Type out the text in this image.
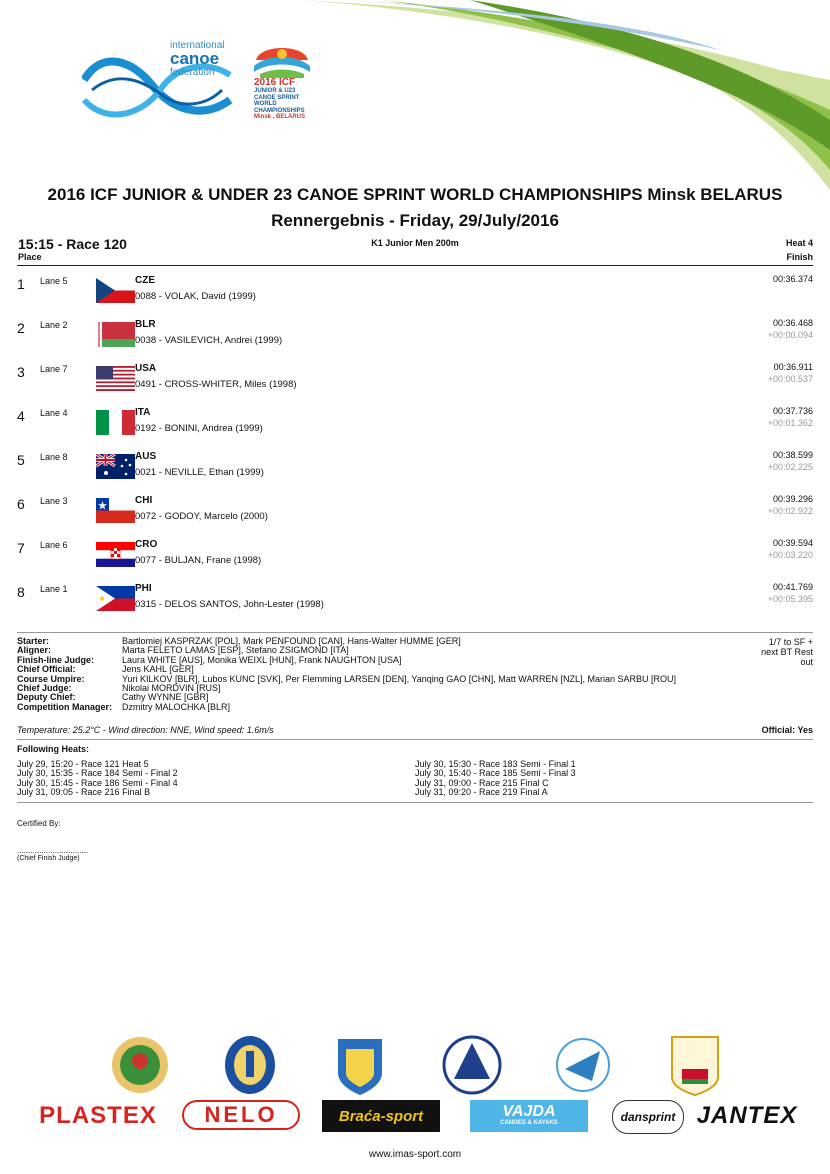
international
canoe
federation
2016 ICF
JUNIOR & U23
CANOE SPRINT
WORLD CHAMPIONSHIPS
Minsk , BELARUS
2016 ICF JUNIOR & UNDER 23 CANOE SPRINT WORLD CHAMPIONSHIPS Minsk BELARUS
Rennergebnis - Friday, 29/July/2016
15:15 - Race 120
Place
K1 Junior Men 200m	Heat 4
Finish
1 Lane 5	CZE
0088 - VOLAK, David (1999)
00:36.374
2 Lane 2	BLR
0038 - VASILEVICH, Andrei (1999)
00:36.468
+00:00.094
3 Lane 7	USA
0491 - CROSS-WHITER, Miles (1998)
00:36.911
+00:00.537
4 Lane 4	ITA
0192 - BONINI, Andrea (1999)
00:37.736
+00:01.362
5 Lane 8	AUS
0021 - NEVILLE, Ethan (1999)
00:38.599
+00:02.225
6 Lane 3	CHI
0072 - GODOY, Marcelo (2000)
00:39.296
+00:02.922
7 Lane 6	CRO
0077 - BULJAN, Frane (1998)
00:39.594
+00:03.220
8 Lane 1	PHI
0315 - DELOS SANTOS, John-Lester (1998)
00:41.769
+00:05.395
Starter:	Bartlomiej KASPRZAK [POL], Mark PENFOUND [CAN], Hans-Walter HUMME [GER]
Aligner:	Marta FELETO LAMAS [ESP], Stefano ZSIGMOND [ITA]
Finish-line Judge:	Laura WHITE [AUS], Monika WEIXL [HUN], Frank NAUGHTON [USA]
Chief Official:	Jens KAHL [GER]
Course Umpire:	Yuri KILKOV [BLR], Lubos KUNC [SVK], Per Flemming LARSEN [DEN], Yanqing GAO [CHN], Matt WARREN [NZL], Marian SARBU [ROU]
Chief Judge:	Nikolai MORDVIN [RUS]
Deputy Chief:	Cathy WYNNE [GBR]
Competition Manager:	Dzmitry MALOCHKA [BLR]
1/7 to SF +
next BT Rest
out
Temperature: 25.2°C - Wind direction: NNE, Wind speed: 1.6m/s	Official: Yes
Following Heats:
July 29, 15:20 - Race 121 Heat 5
July 30, 15:35 - Race 184 Semi - Final 2
July 30, 15:45 - Race 186 Semi - Final 4
July 31, 09:05 - Race 216 Final B
July 30, 15:30 - Race 183 Semi - Final 1
July 30, 15:40 - Race 185 Semi - Final 3
July 31, 09:00 - Race 215 Final C
July 31, 09:20 - Race 219 Final A
Certified By:
................................
(Chief Finish Judge)
PLASTEX	NELO	Braća-sport	VAJDA
CANOES & KAYAKS	dansprint JANTEX
www.imas-sport.com
